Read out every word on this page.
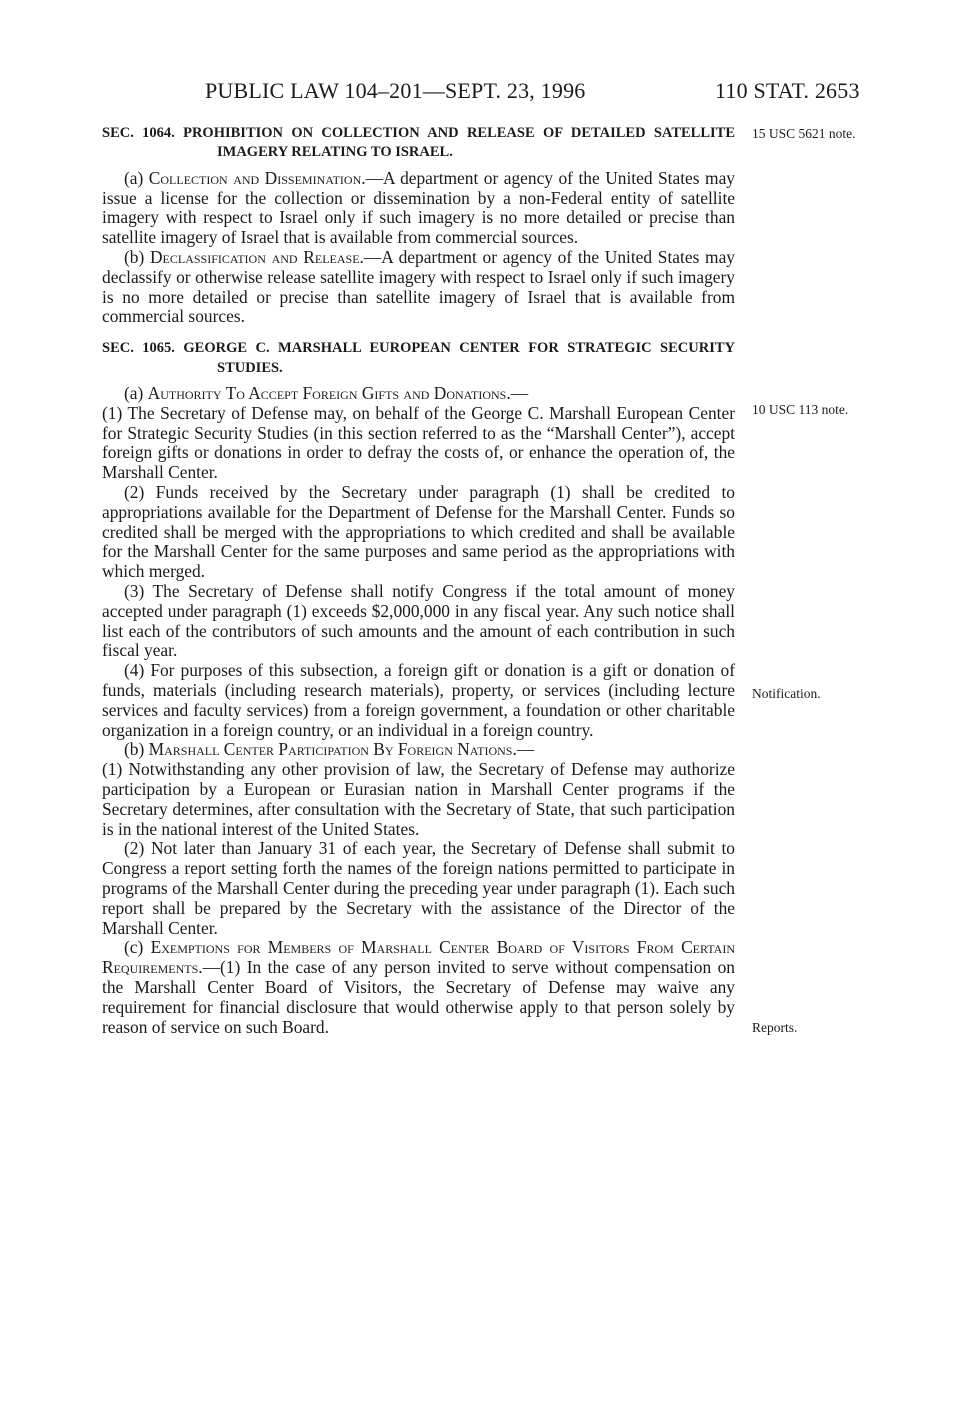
PUBLIC LAW 104–201—SEPT. 23, 1996	110 STAT. 2653
15 USC 5621 note.
10 USC 113 note.
Notification.
Reports.
SEC. 1064. PROHIBITION ON COLLECTION AND RELEASE OF DETAILED SATELLITE IMAGERY RELATING TO ISRAEL.

(a) Collection and Dissemination.—A department or agency of the United States may issue a license for the collection or dissemination by a non-Federal entity of satellite imagery with respect to Israel only if such imagery is no more detailed or precise than satellite imagery of Israel that is available from commercial sources.

(b) Declassification and Release.—A department or agency of the United States may declassify or otherwise release satellite imagery with respect to Israel only if such imagery is no more detailed or precise than satellite imagery of Israel that is available from commercial sources.

SEC. 1065. GEORGE C. MARSHALL EUROPEAN CENTER FOR STRATEGIC SECURITY STUDIES.

(a) Authority To Accept Foreign Gifts and Donations.—

(1) The Secretary of Defense may, on behalf of the George C. Marshall European Center for Strategic Security Studies (in this section referred to as the “Marshall Center”), accept foreign gifts or donations in order to defray the costs of, or enhance the operation of, the Marshall Center.

(2) Funds received by the Secretary under paragraph (1) shall be credited to appropriations available for the Department of Defense for the Marshall Center. Funds so credited shall be merged with the appropriations to which credited and shall be available for the Marshall Center for the same purposes and same period as the appropriations with which merged.

(3) The Secretary of Defense shall notify Congress if the total amount of money accepted under paragraph (1) exceeds $2,000,000 in any fiscal year. Any such notice shall list each of the contributors of such amounts and the amount of each contribution in such fiscal year.

(4) For purposes of this subsection, a foreign gift or donation is a gift or donation of funds, materials (including research materials), property, or services (including lecture services and faculty services) from a foreign government, a foundation or other charitable organization in a foreign country, or an individual in a foreign country.

(b) Marshall Center Participation By Foreign Nations.—

(1) Notwithstanding any other provision of law, the Secretary of Defense may authorize participation by a European or Eurasian nation in Marshall Center programs if the Secretary determines, after consultation with the Secretary of State, that such participation is in the national interest of the United States.

(2) Not later than January 31 of each year, the Secretary of Defense shall submit to Congress a report setting forth the names of the foreign nations permitted to participate in programs of the Marshall Center during the preceding year under paragraph (1). Each such report shall be prepared by the Secretary with the assistance of the Director of the Marshall Center.

(c) Exemptions for Members of Marshall Center Board of Visitors From Certain Requirements.—(1) In the case of any person invited to serve without compensation on the Marshall Center Board of Visitors, the Secretary of Defense may waive any requirement for financial disclosure that would otherwise apply to that person solely by reason of service on such Board.
